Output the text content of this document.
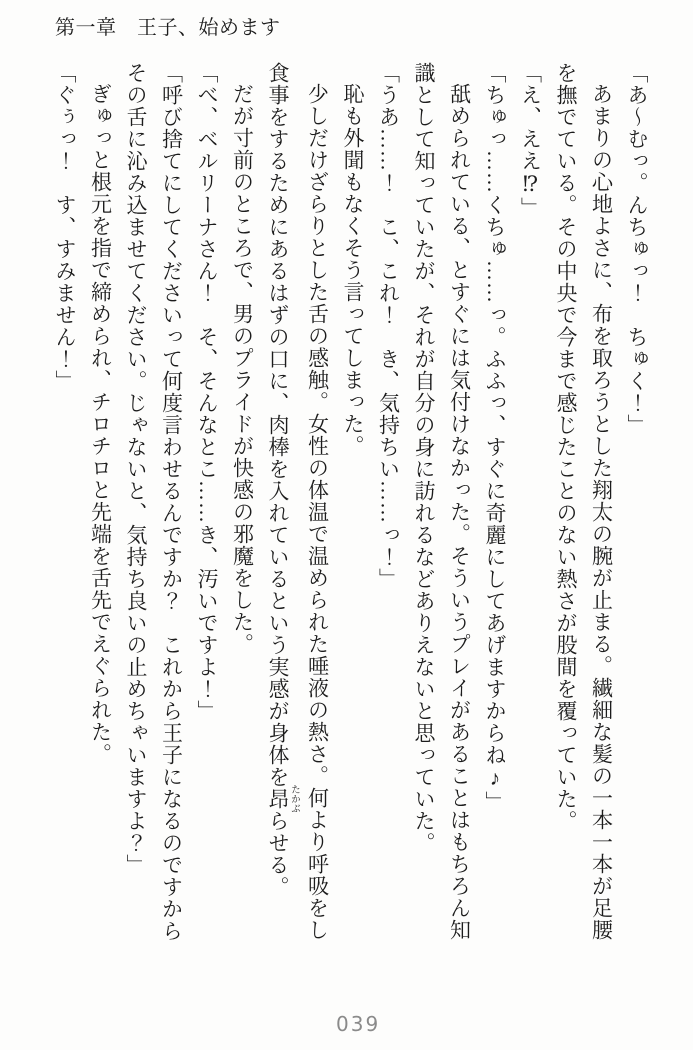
第一章　王子、始めます

「あ～むっ。んちゅっ！　ちゅく！」

あまりの心地よさに、布を取ろうとした翔太の腕が止まる。繊細な髪の一本一本が足腰

を撫でている。その中央で今まで感じたことのない熱さが股間を覆っていた。

「え、ええ⁉」

「ちゅっ……くちゅ……っ。ふふっ、すぐに奇麗にしてあげますからね♪」

舐められている、とすぐには気付けなかった。そういうプレイがあることはもちろん知

識として知っていたが、それが自分の身に訪れるなどありえないと思っていた。

「うあ……！　こ、これ！　き、気持ちい……っ！」

恥も外聞もなくそう言ってしまった。

少しだけざらりとした舌の感触。女性の体温で温められた唾液の熱さ。何より呼吸をし

食事をするためにあるはずの口に、肉棒を入れているという実感が身体を昂 たかぶらせる。

だが寸前のところで、男のプライドが快感の邪魔をした。

「べ、ベルリーナさん！　そ、そんなとこ……き、汚いですよ！」

「呼び捨てにしてくださいって何度言わせるんですか？　これから王子になるのですから

その舌に沁み込ませてください。じゃないと、気持ち良いの止めちゃいますよ？」

ぎゅっと根元を指で締められ、チロチロと先端を舌先でえぐられた。

「ぐぅっ！　す、すみません！」

039
